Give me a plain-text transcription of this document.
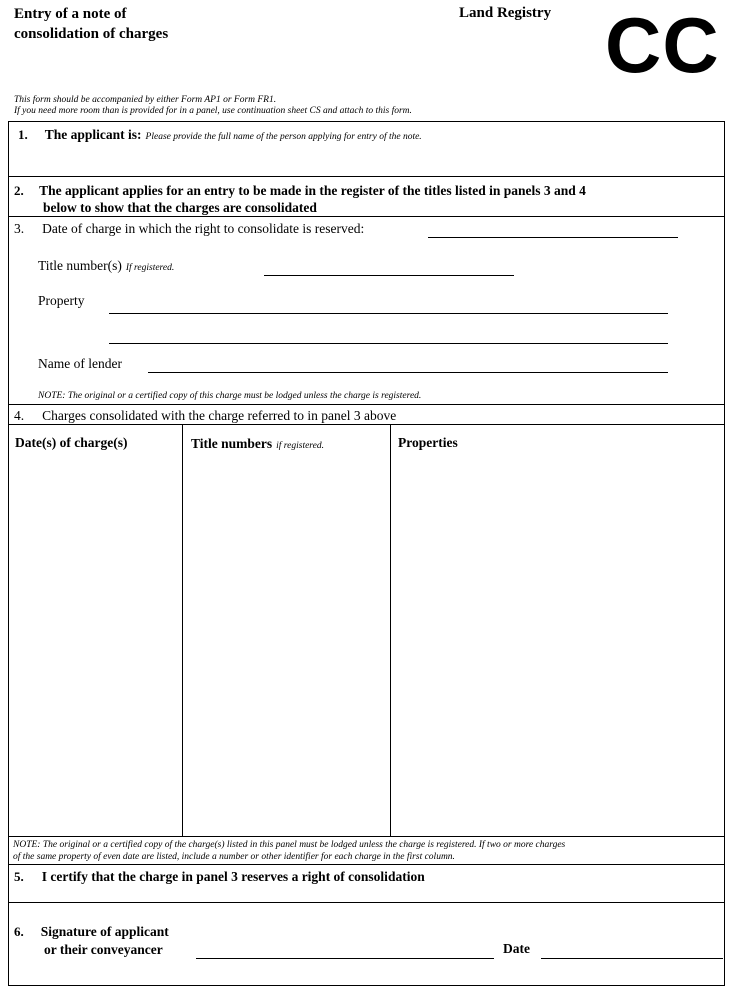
Entry of a note of
consolidation of charges
Land Registry CC
This form should be accompanied by either Form AP1 or Form FR1.
If you need more room than is provided for in a panel, use continuation sheet CS and attach to this form.
1. The applicant is: Please provide the full name of the person applying for entry of the note.
2. The applicant applies for an entry to be made in the register of the titles listed in panels 3 and 4
below to show that the charges are consolidated
3. Date of charge in which the right to consolidate is reserved:
Title number(s) If registered.
Property
Name of lender
NOTE: The original or a certified copy of this charge must be lodged unless the charge is registered.
4. Charges consolidated with the charge referred to in panel 3 above
Date(s) of charge(s)	Title numbers if registered.	Properties
NOTE: The original or a certified copy of the charge(s) listed in this panel must be lodged unless the charge is registered. If two or more charges
of the same property of even date are listed, include a number or other identifier for each charge in the first column.
5. I certify that the charge in panel 3 reserves a right of consolidation
6. Signature of applicant
or their conveyancer	Date
